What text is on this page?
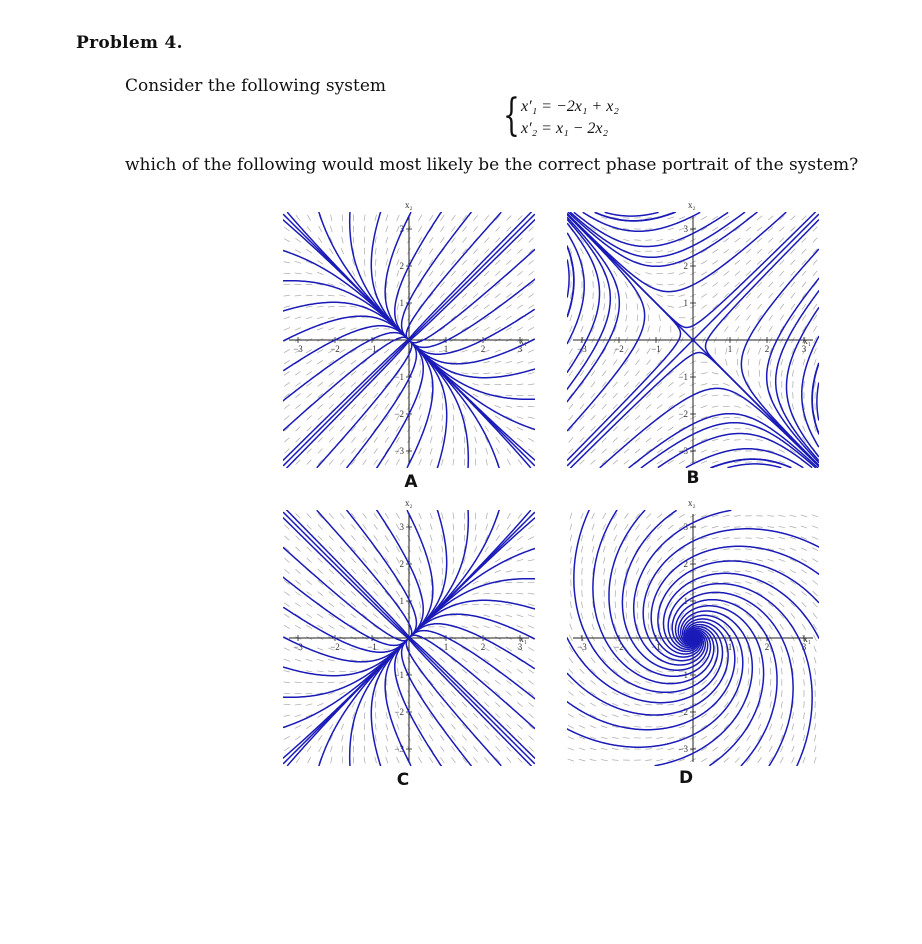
Problem 4.
Consider the following system
{ x′₁ = −2x₁ + x₂
x′₂ = x₁ − 2x₂
which of the following would most likely be the correct phase portrait of the system?
−3	−2	−1	1	2	3
3
2
1
−1
−2
−3
x₁
x₂
A
−3	−2	−1	1	2	3
3
2
1
−1
−2
−3
x₁
x₂
B
−3	−2	−1	1	2	3
3
2
1
−1
−2
−3
x₁
x₂
C
−3	−2	−1	1	2	3
3
2
1
−1
−2
−3
x₁
x₂
D
